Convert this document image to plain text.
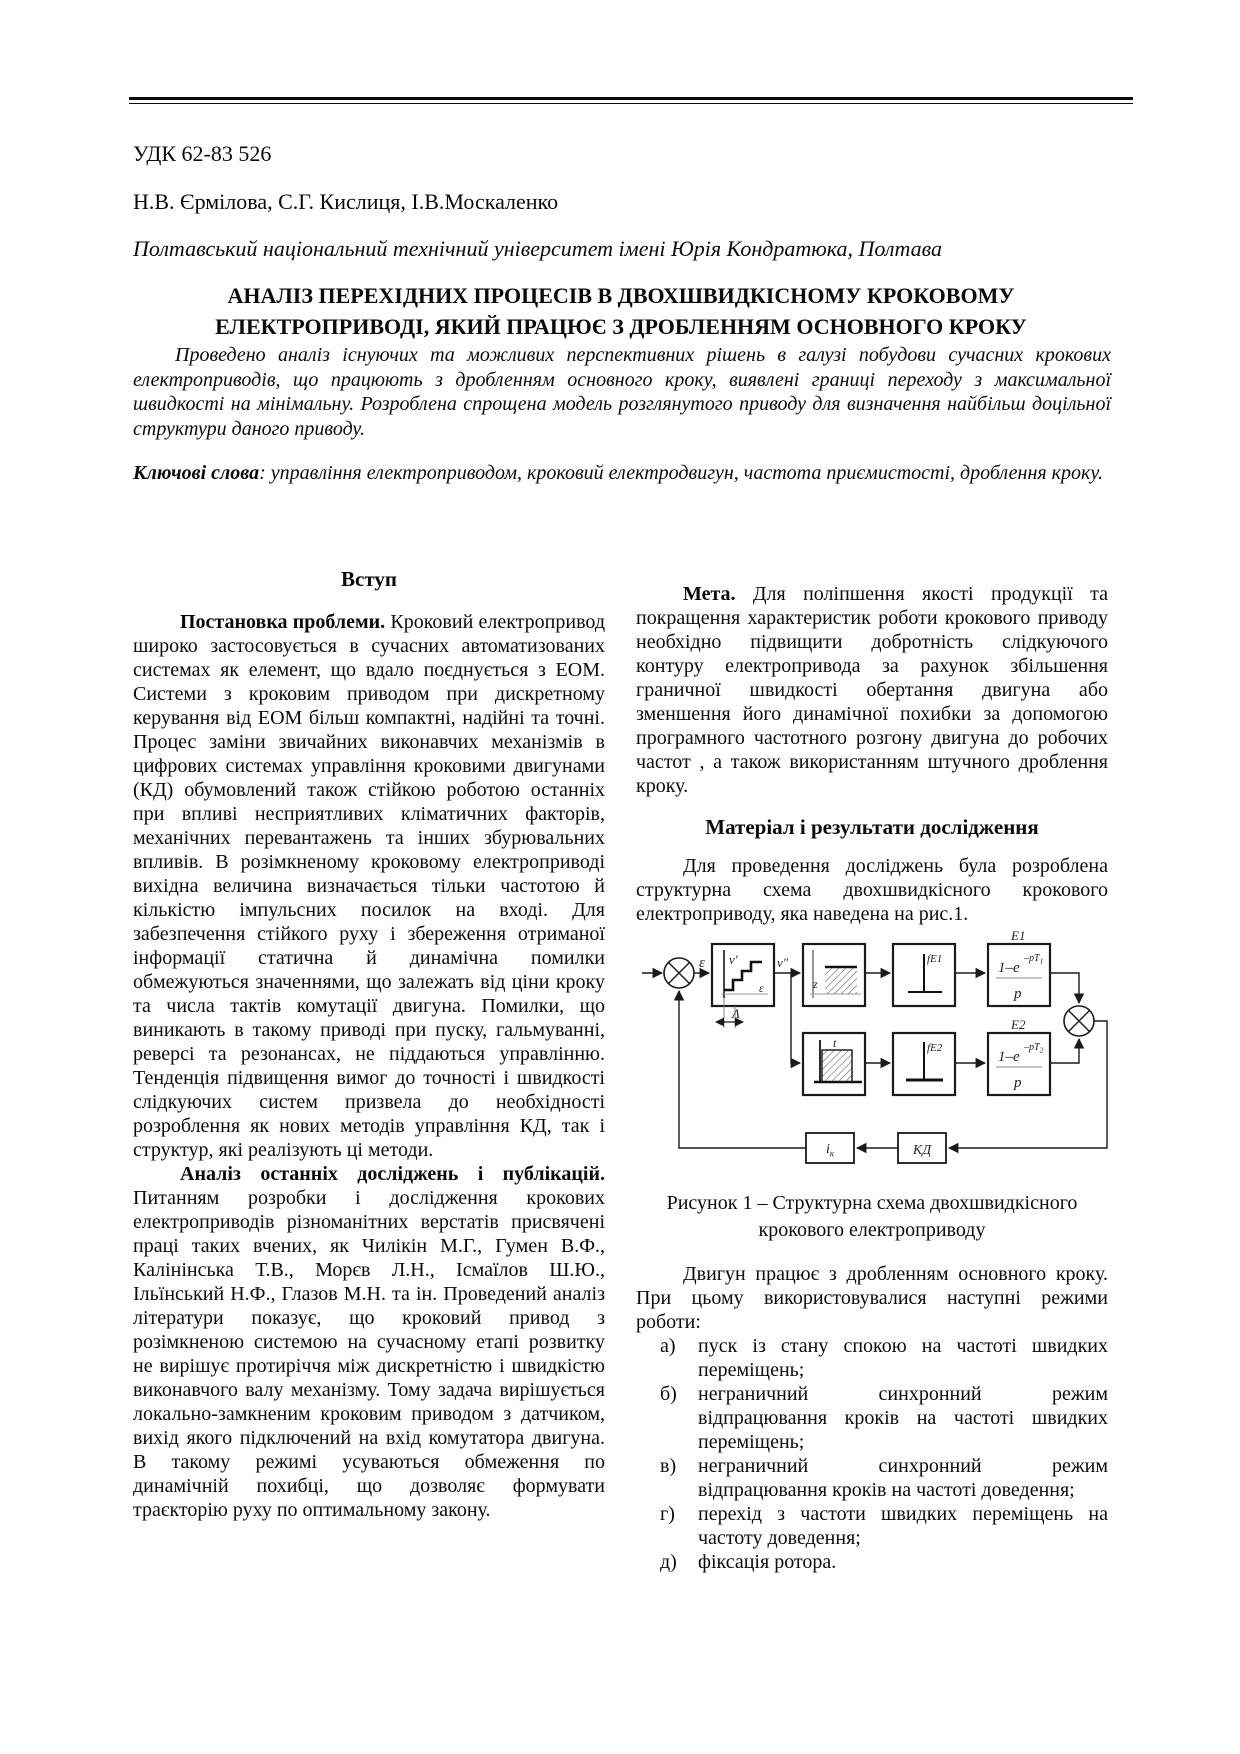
УДК 62-83 526
Н.В. Єрмілова, С.Г. Кислиця, І.В.Москаленко
Полтавський національний технічний університет імені Юрія Кондратюка, Полтава
АНАЛІЗ ПЕРЕХІДНИХ ПРОЦЕСІВ В ДВОХШВИДКІСНОМУ КРОКОВОМУ
ЕЛЕКТРОПРИВОДІ, ЯКИЙ ПРАЦЮЄ З ДРОБЛЕННЯМ ОСНОВНОГО КРОКУ
Проведено аналіз існуючих та можливих перспективних рішень в галузі побудови сучасних крокових електроприводів, що працюють з дробленням основного кроку, виявлені границі переходу з максимальної швидкості на мінімальну. Розроблена спрощена модель розглянутого приводу для визначення найбільш доцільної структури даного приводу.
Ключові слова: управління електроприводом, кроковий електродвигун, частота приємистості, дроблення кроку.
Вступ

Постановка проблеми. Кроковий електропривод широко застосовується в сучасних автоматизованих системах як елемент, що вдало поєднується з ЕОМ. Системи з кроковим приводом при дискретному керування від ЕОМ більш компактні, надійні та точні. Процес заміни звичайних виконавчих механізмів в цифрових системах управління кроковими двигунами (КД) обумовлений також стійкою роботою останніх при впливі несприятливих кліматичних факторів, механічних перевантажень та інших збурювальних впливів. В розімкненому кроковому електроприводі вихідна величина визначається тільки частотою й кількістю імпульсних посилок на вході. Для забезпечення стійкого руху і збереження отриманої інформації статична й динамічна помилки обмежуються значеннями, що залежать від ціни кроку та числа тактів комутації двигуна. Помилки, що виникають в такому приводі при пуску, гальмуванні, реверсі та резонансах, не піддаються управлінню. Тенденція підвищення вимог до точності і швидкості слідкуючих систем призвела до необхідності розроблення як нових методів управління КД, так і структур, які реалізують ці методи.

Аналіз останніх досліджень і публікацій. Питанням розробки і дослідження крокових електроприводів різноманітних верстатів присвячені праці таких вчених, як Чилікін М.Г., Гумен В.Ф., Калінінська Т.В., Морєв Л.Н., Ісмаїлов Ш.Ю., Ільїнський Н.Ф., Глазов М.Н. та ін. Проведений аналіз літератури показує, що кроковий привод з розімкненою системою на сучасному етапі розвитку не вирішує протиріччя між дискретністю і швидкістю виконавчого валу механізму. Тому задача вирішується локально-замкненим кроковим приводом з датчиком, вихід якого підключений на вхід комутатора двигуна. В такому режимі усуваються обмеження по динамічній похибці, що дозволяє формувати траєкторію руху по оптимальному закону.

Мета. Для поліпшення якості продукції та покращення характеристик роботи крокового приводу необхідно підвищити добротність слідкуючого контуру електропривода за рахунок збільшення граничної швидкості обертання двигуна або зменшення його динамічної похибки за допомогою програмного частотного розгону двигуна до робочих частот , а також використанням штучного дроблення кроку.

Матеріал і результати дослідження

Для проведення досліджень була розроблена структурна схема двохшвидкісного крокового електроприводу, яка наведена на рис.1.

ε v′
ε
Λ
v″
z
t
fЕ1
fЕ2
Е1
1–e
$-pT_1$
p
Е2
1–e
$-pT_2$
p
КД
$i_к$
Рисунок 1 – Структурна схема двохшвидкісного крокового електроприводу

Двигун працює з дробленням основного кроку. При цьому використовувалися наступні режими роботи:

а)	пуск із стану спокою на частоті швидких переміщень;
б)	неграничний синхронний режим відпрацювання кроків на частоті швидких переміщень;
в)	неграничний синхронний режим відпрацювання кроків на частоті доведення;
г)	перехід з частоти швидких переміщень на частоту доведення;
д)	фіксація ротора.
